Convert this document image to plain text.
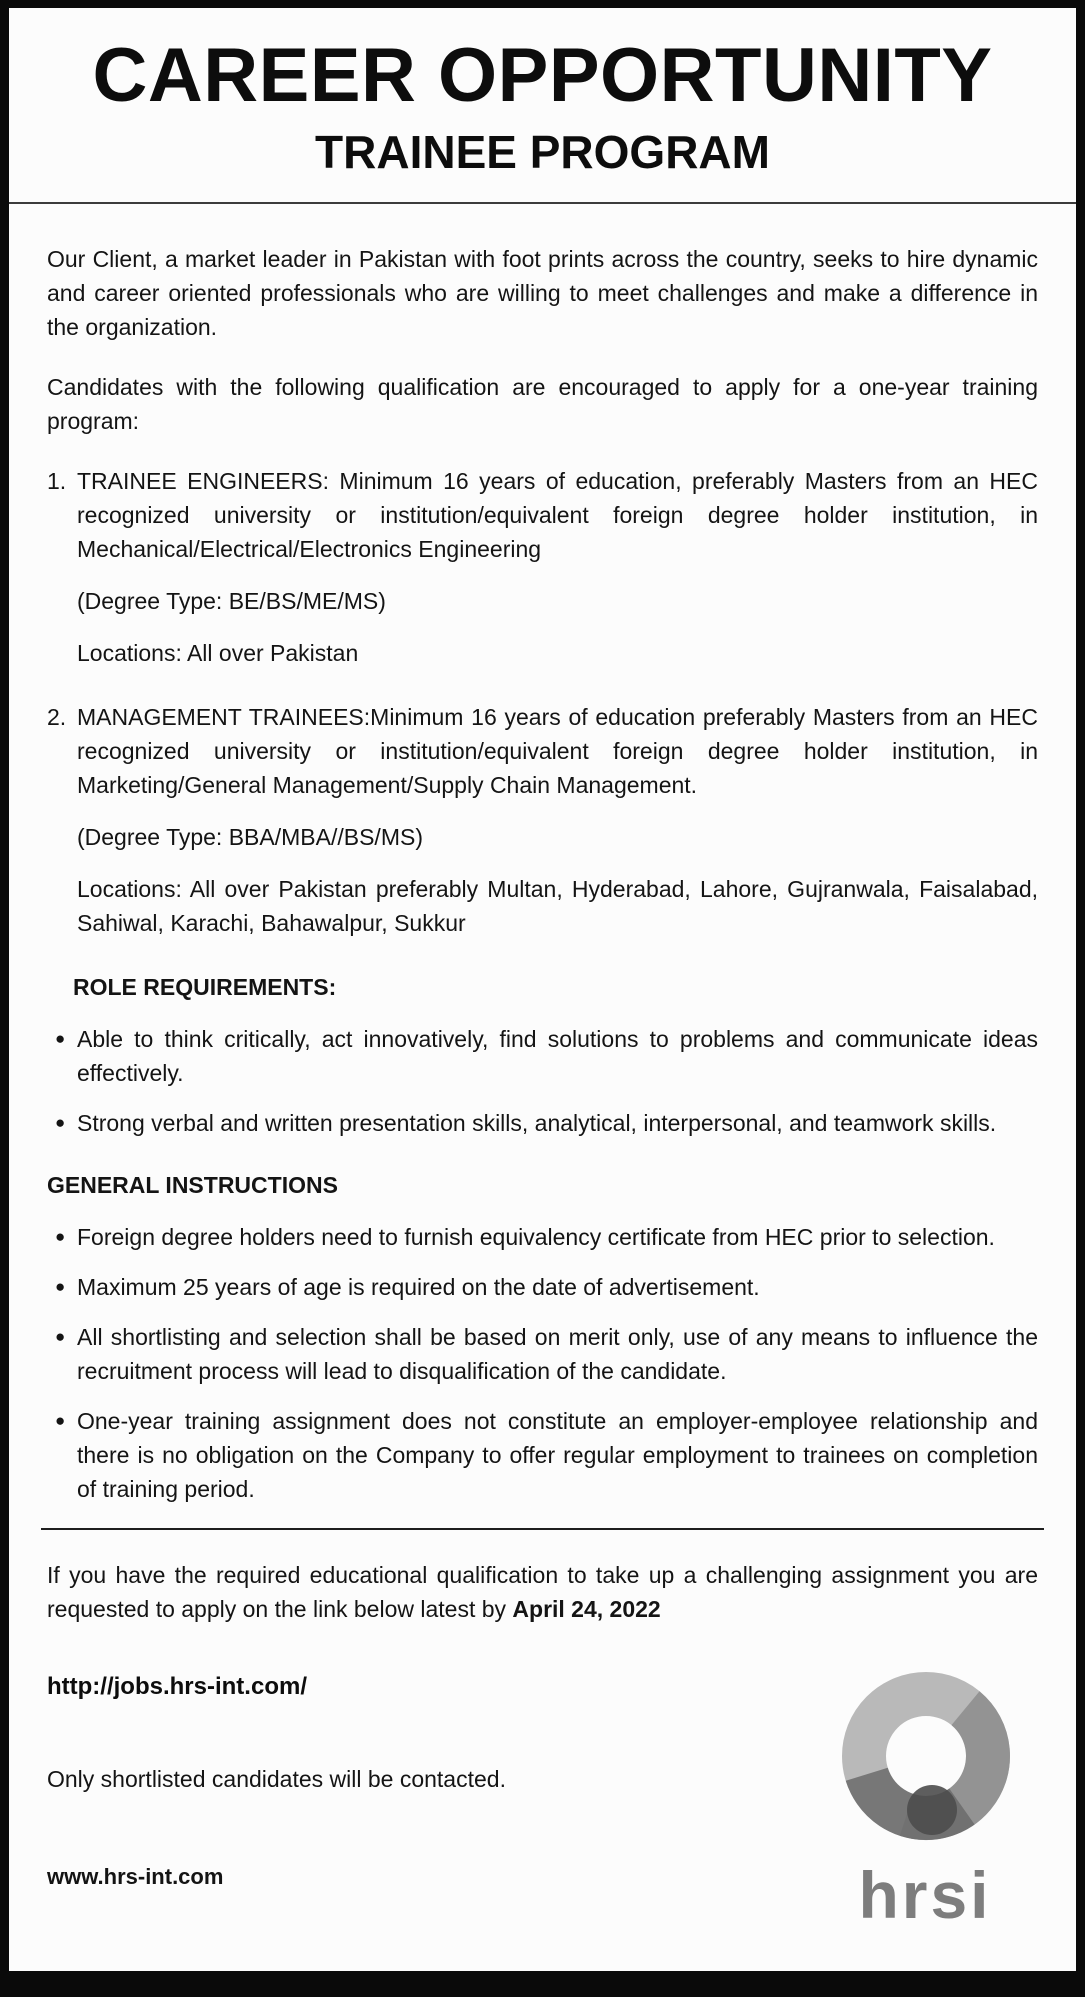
CAREER OPPORTUNITY
TRAINEE PROGRAM

Our Client, a market leader in Pakistan with foot prints across the country, seeks to hire dynamic and career oriented professionals who are willing to meet challenges and make a difference in the organization.

Candidates with the following qualification are encouraged to apply for a one-year training program:

1. TRAINEE ENGINEERS: Minimum 16 years of education, preferably Masters from an HEC recognized university or institution/equivalent foreign degree holder institution, in Mechanical/Electrical/Electronics Engineering

(Degree Type: BE/BS/ME/MS)

Locations: All over Pakistan

2. MANAGEMENT TRAINEES:Minimum 16 years of education preferably Masters from an HEC recognized university or institution/equivalent foreign degree holder institution, in Marketing/General Management/Supply Chain Management.

(Degree Type: BBA/MBA//BS/MS)

Locations: All over Pakistan preferably Multan, Hyderabad, Lahore, Gujranwala, Faisalabad, Sahiwal, Karachi, Bahawalpur, Sukkur

ROLE REQUIREMENTS:
● Able to think critically, act innovatively, find solutions to problems and communicate ideas effectively.

● Strong verbal and written presentation skills, analytical, interpersonal, and teamwork skills.

GENERAL INSTRUCTIONS
● Foreign degree holders need to furnish equivalency certificate from HEC prior to selection.

● Maximum 25 years of age is required on the date of advertisement.

● All shortlisting and selection shall be based on merit only, use of any means to influence the recruitment process will lead to disqualification of the candidate.

● One-year training assignment does not constitute an employer-employee relationship and there is no obligation on the Company to offer regular employment to trainees on completion of training period.

If you have the required educational qualification to take up a challenging assignment you are requested to apply on the link below latest by April 24, 2022

http://jobs.hrs-int.com/

Only shortlisted candidates will be contacted.

www.hrs-int.com	hrsi
